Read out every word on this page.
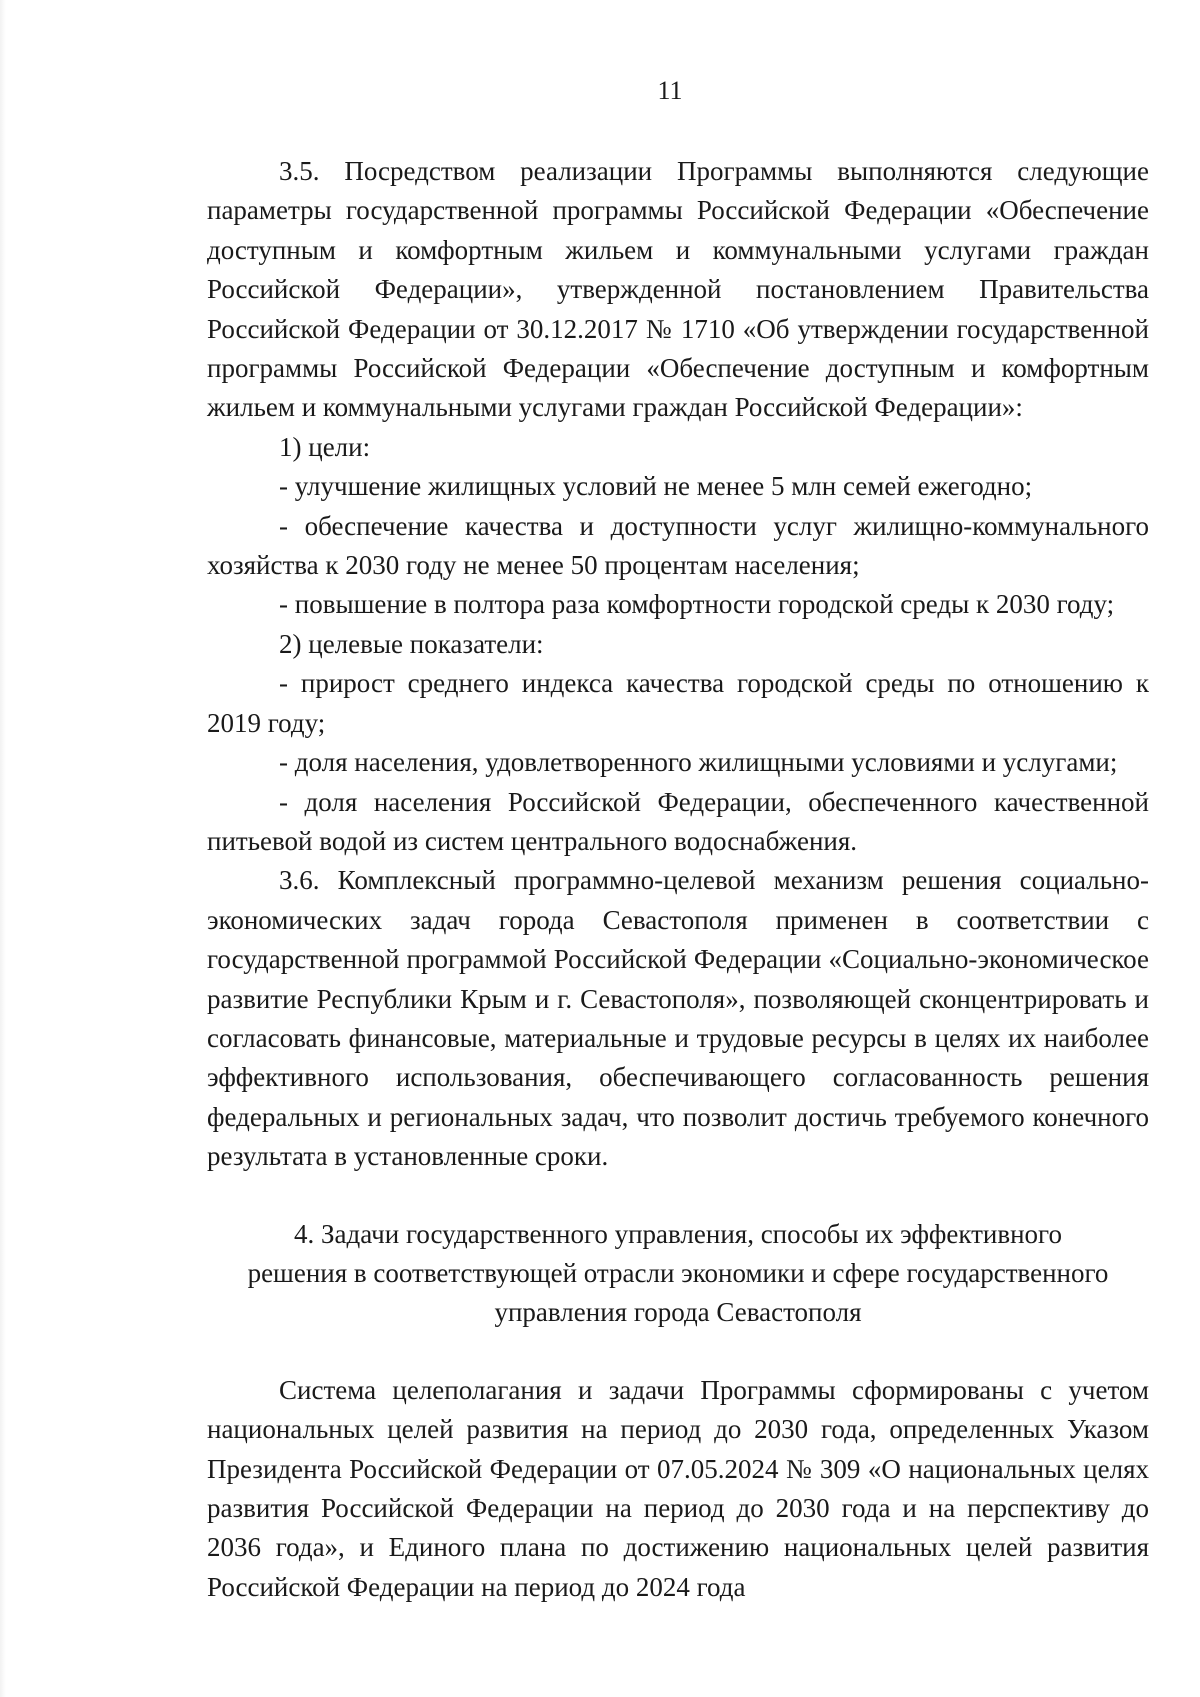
11

3.5. Посредством реализации Программы выполняются следующие параметры государственной программы Российской Федерации «Обеспечение доступным и комфортным жильем и коммунальными услугами граждан Российской Федерации», утвержденной постановлением Правительства Российской Федерации от 30.12.2017 № 1710 «Об утверждении государственной программы Российской Федерации «Обеспечение доступным и комфортным жильем и коммунальными услугами граждан Российской Федерации»:

1) цели:

- улучшение жилищных условий не менее 5 млн семей ежегодно;

- обеспечение качества и доступности услуг жилищно-коммунального хозяйства к 2030 году не менее 50 процентам населения;

- повышение в полтора раза комфортности городской среды к 2030 году;

2) целевые показатели:

- прирост среднего индекса качества городской среды по отношению к 2019 году;

- доля населения, удовлетворенного жилищными условиями и услугами;

- доля населения Российской Федерации, обеспеченного качественной питьевой водой из систем центрального водоснабжения.

3.6. Комплексный программно-целевой механизм решения социально-экономических задач города Севастополя применен в соответствии с государственной программой Российской Федерации «Социально-экономическое развитие Республики Крым и г. Севастополя», позволяющей сконцентрировать и согласовать финансовые, материальные и трудовые ресурсы в целях их наиболее эффективного использования, обеспечивающего согласованность решения федеральных и региональных задач, что позволит достичь требуемого конечного результата в установленные сроки.

4. Задачи государственного управления, способы их эффективного
решения в соответствующей отрасли экономики и сфере государственного
управления города Севастополя

Система целеполагания и задачи Программы сформированы с учетом национальных целей развития на период до 2030 года, определенных Указом Президента Российской Федерации от 07.05.2024 № 309 «О национальных целях развития Российской Федерации на период до 2030 года и на перспективу до 2036 года», и Единого плана по достижению национальных целей развития Российской Федерации на период до 2024 года
